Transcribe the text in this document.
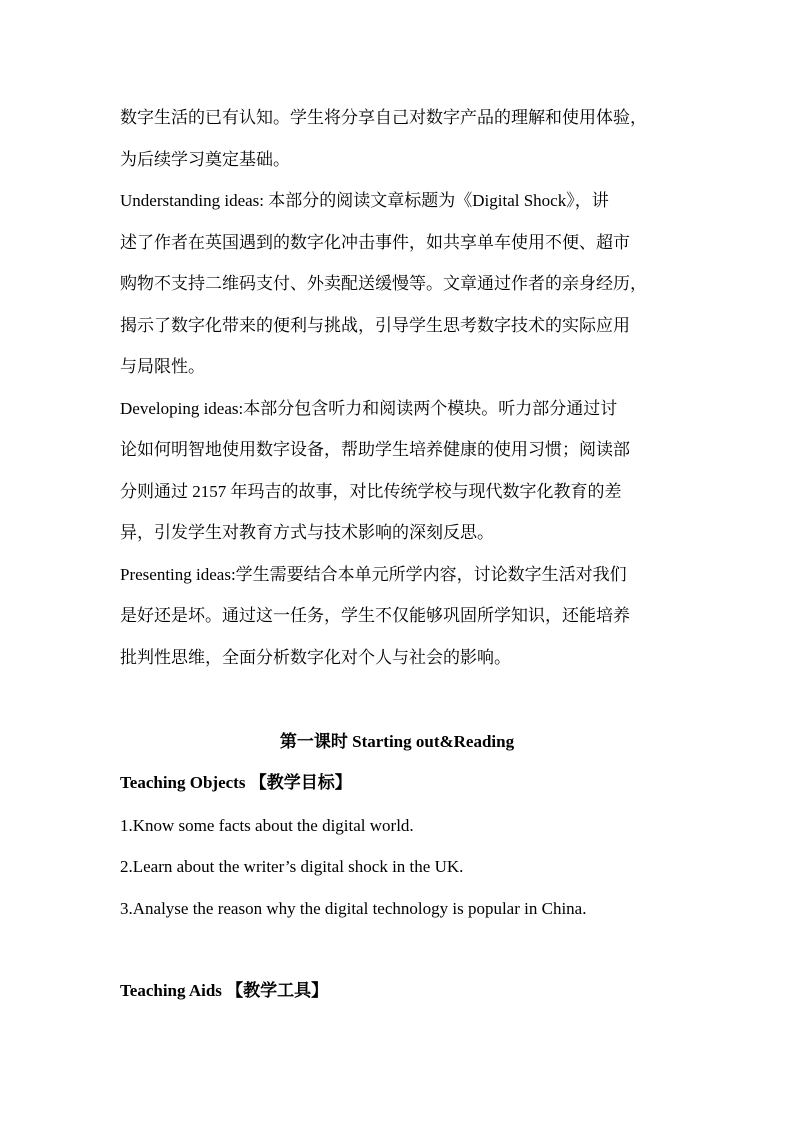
数字生活的已有认知。学生将分享自己对数字产品的理解和使用体验，
为后续学习奠定基础。
Understanding ideas: 本部分的阅读文章标题为《Digital Shock》，讲
述了作者在英国遇到的数字化冲击事件，如共享单车使用不便、超市
购物不支持二维码支付、外卖配送缓慢等。文章通过作者的亲身经历，
揭示了数字化带来的便利与挑战，引导学生思考数字技术的实际应用
与局限性。
Developing ideas:本部分包含听力和阅读两个模块。听力部分通过讨
论如何明智地使用数字设备，帮助学生培养健康的使用习惯；阅读部
分则通过 2157 年玛吉的故事，对比传统学校与现代数字化教育的差
异，引发学生对教育方式与技术影响的深刻反思。
Presenting ideas:学生需要结合本单元所学内容，讨论数字生活对我们
是好还是坏。通过这一任务，学生不仅能够巩固所学知识，还能培养
批判性思维，全面分析数字化对个人与社会的影响。
第一课时 Starting out&Reading
Teaching Objects 【教学目标】
1.Know some facts about the digital world.
2.Learn about the writer’s digital shock in the UK.
3.Analyse the reason why the digital technology is popular in China.
Teaching Aids 【教学工具】
